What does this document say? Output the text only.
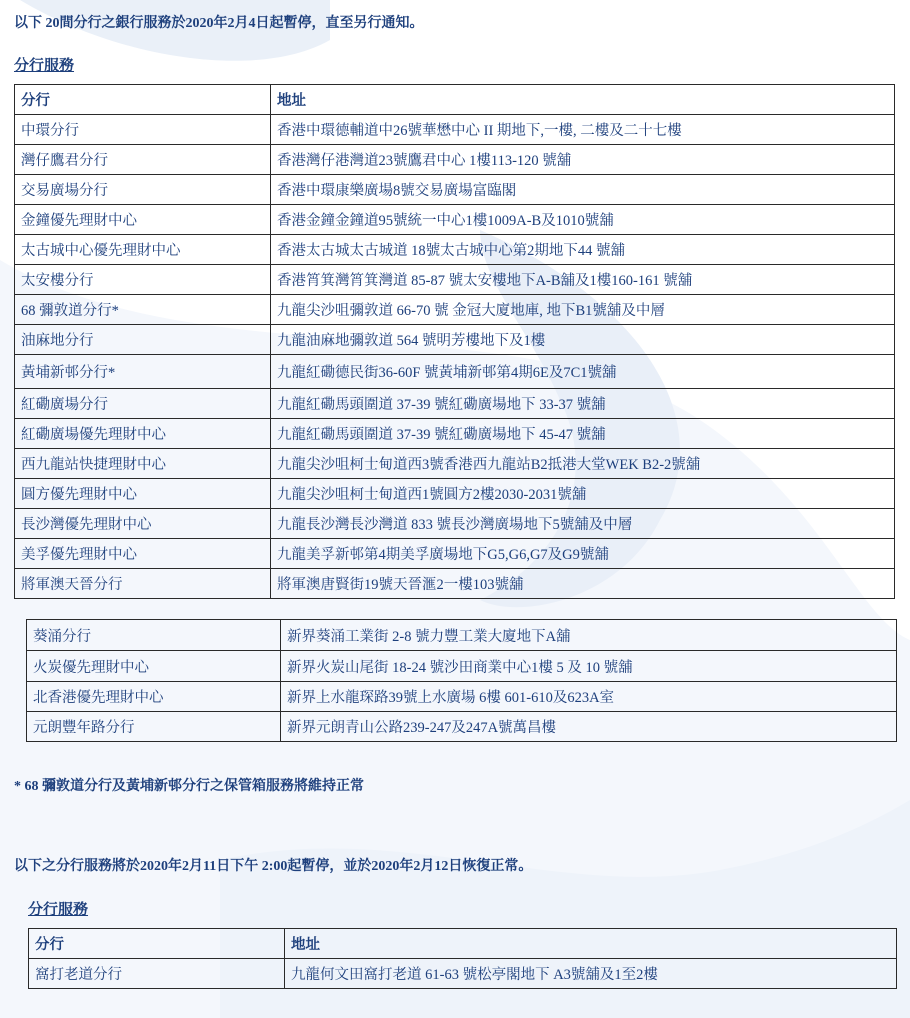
以下 20間分行之銀行服務於2020年2月4日起暫停，直至另行通知。
分行服務
分行	地址
中環分行	香港中環德輔道中26號華懋中心 II 期地下,一樓, 二樓及二十七樓
灣仔鷹君分行	香港灣仔港灣道23號鷹君中心 1樓113-120 號舖
交易廣場分行	香港中環康樂廣場8號交易廣場富臨閣
金鐘優先理財中心	香港金鐘金鐘道95號統一中心1樓1009A-B及1010號舖
太古城中心優先理財中心	香港太古城太古城道 18號太古城中心第2期地下44 號舖
太安樓分行	香港筲箕灣筲箕灣道 85-87 號太安樓地下A-B舖及1樓160-161 號舖
68 彌敦道分行*	九龍尖沙咀彌敦道 66-70 號 金冠大廈地庫, 地下B1號舖及中層
油麻地分行	九龍油麻地彌敦道 564 號明芳樓地下及1樓
黃埔新邨分行*	九龍紅磡德民街36-60F 號黃埔新邨第4期6E及7C1號舖
紅磡廣場分行	九龍紅磡馬頭圍道 37-39 號紅磡廣場地下 33-37 號舖
紅磡廣場優先理財中心	九龍紅磡馬頭圍道 37-39 號紅磡廣場地下 45-47 號舖
西九龍站快捷理財中心	九龍尖沙咀柯士甸道西3號香港西九龍站B2抵港大堂WEK B2-2號舖
圓方優先理財中心	九龍尖沙咀柯士甸道西1號圓方2樓2030-2031號舖
長沙灣優先理財中心	九龍長沙灣長沙灣道 833 號長沙灣廣場地下5號舖及中層
美孚優先理財中心	九龍美孚新邨第4期美孚廣場地下G5,G6,G7及G9號舖
將軍澳天晉分行	將軍澳唐賢街19號天晉滙2一樓103號舖
葵涌分行	新界葵涌工業街 2-8 號力豐工業大廈地下A舖
火炭優先理財中心	新界火炭山尾街 18-24 號沙田商業中心1樓 5 及 10 號舖
北香港優先理財中心	新界上水龍琛路39號上水廣場 6樓 601-610及623A室
元朗豐年路分行	新界元朗青山公路239-247及247A號萬昌樓
* 68 彌敦道分行及黃埔新邨分行之保管箱服務將維持正常
以下之分行服務將於2020年2月11日下午 2:00起暫停，並於2020年2月12日恢復正常。
分行服務
分行	地址
窩打老道分行	九龍何文田窩打老道 61-63 號松亭閣地下 A3號舖及1至2樓
